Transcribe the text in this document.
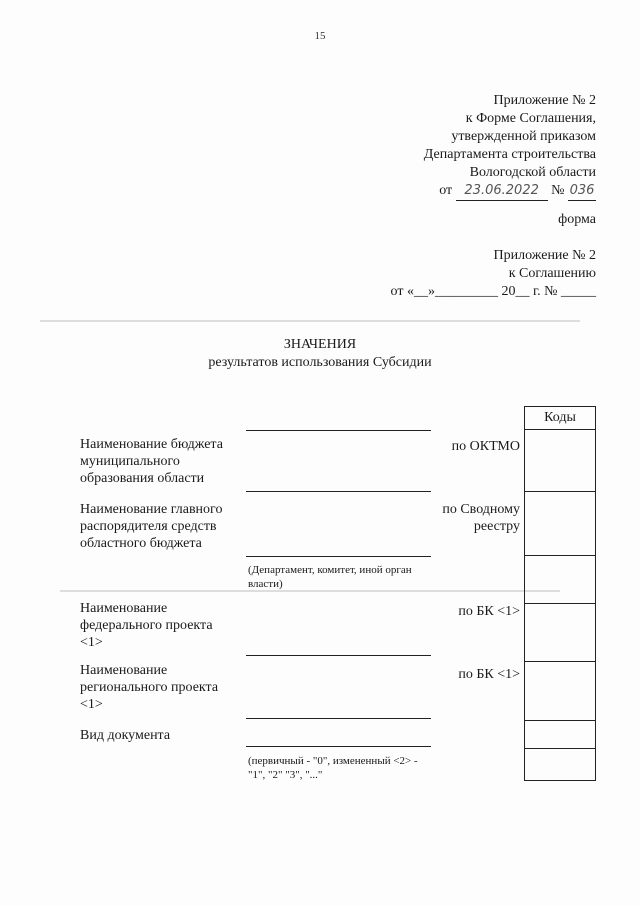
15
Приложение № 2
к Форме Соглашения,
утвержденной приказом
Департамента строительства
Вологодской области
от 23.06.2022 № 036
форма
Приложение № 2
к Соглашению
от «__»_________ 20__ г. № _____
ЗНАЧЕНИЯ
результатов использования Субсидии
Коды
Наименование бюджета муниципального образования области
по ОКТМО
Наименование главного распорядителя средств областного бюджета
по Сводному реестру
(Департамент, комитет, иной орган власти)
Наименование федерального проекта <1>
по БК <1>
Наименование регионального проекта <1>
по БК <1>
Вид документа
(первичный - "0", измененный <2> - "1", "2" "3", "..."
